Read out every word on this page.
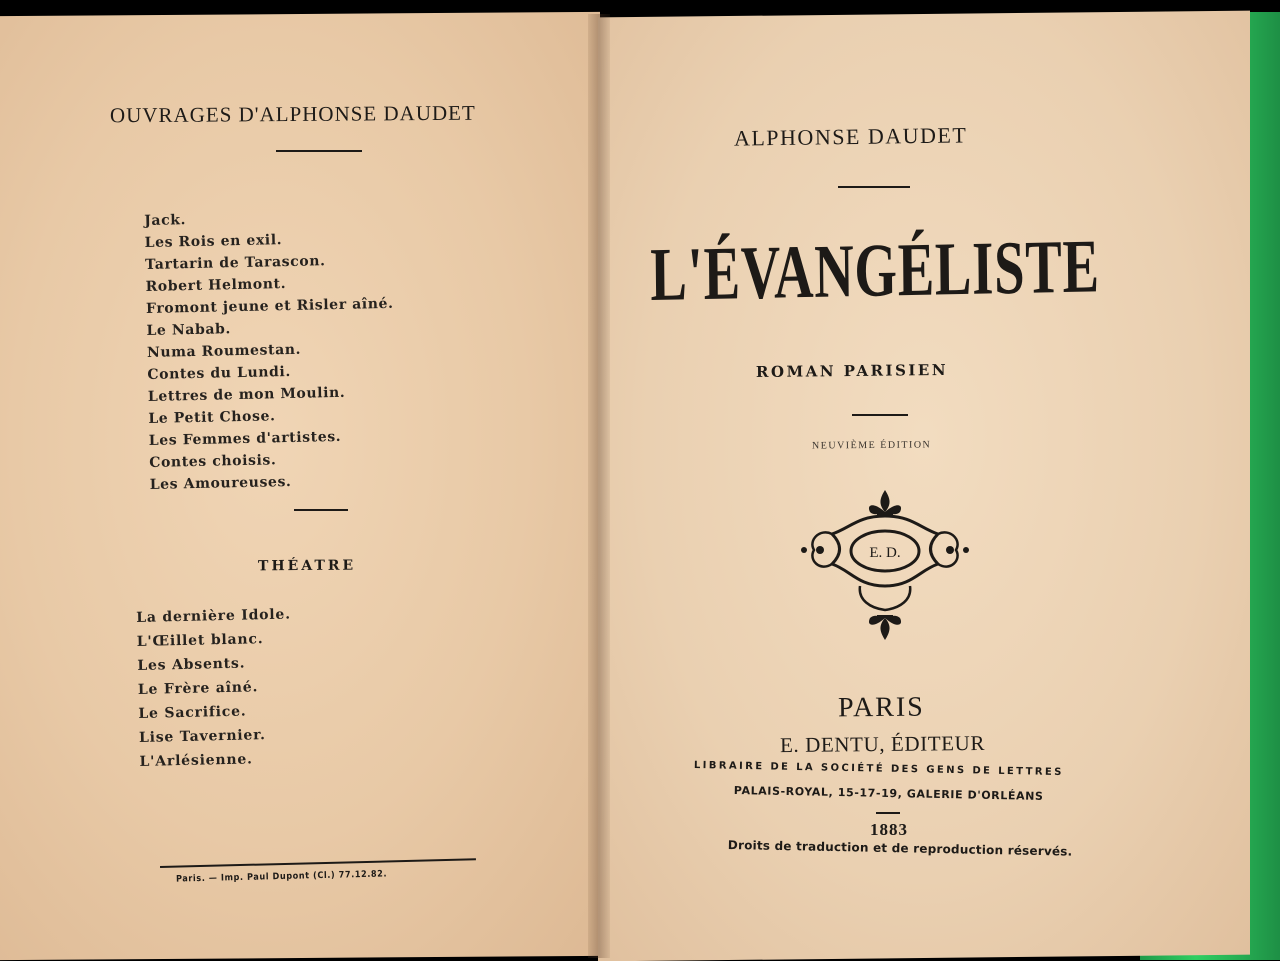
OUVRAGES D'ALPHONSE DAUDET
Jack.
Les Rois en exil.
Tartarin de Tarascon.
Robert Helmont.
Fromont jeune et Risler aîné.
Le Nabab.
Numa Roumestan.
Contes du Lundi.
Lettres de mon Moulin.
Le Petit Chose.
Les Femmes d'artistes.
Contes choisis.
Les Amoureuses.
THÉATRE
La dernière Idole.
L'Œillet blanc.
Les Absents.
Le Frère aîné.
Le Sacrifice.
Lise Tavernier.
L'Arlésienne.
Paris. — Imp. Paul Dupont (Cl.) 77.12.82.
ALPHONSE DAUDET
L'ÉVANGÉLISTE
ROMAN PARISIEN
NEUVIÈME ÉDITION
E. D.
PARIS
E. DENTU, ÉDITEUR
LIBRAIRE DE LA SOCIÉTÉ DES GENS DE LETTRES
PALAIS-ROYAL, 15-17-19, GALERIE D'ORLÉANS
1883
Droits de traduction et de reproduction réservés.
